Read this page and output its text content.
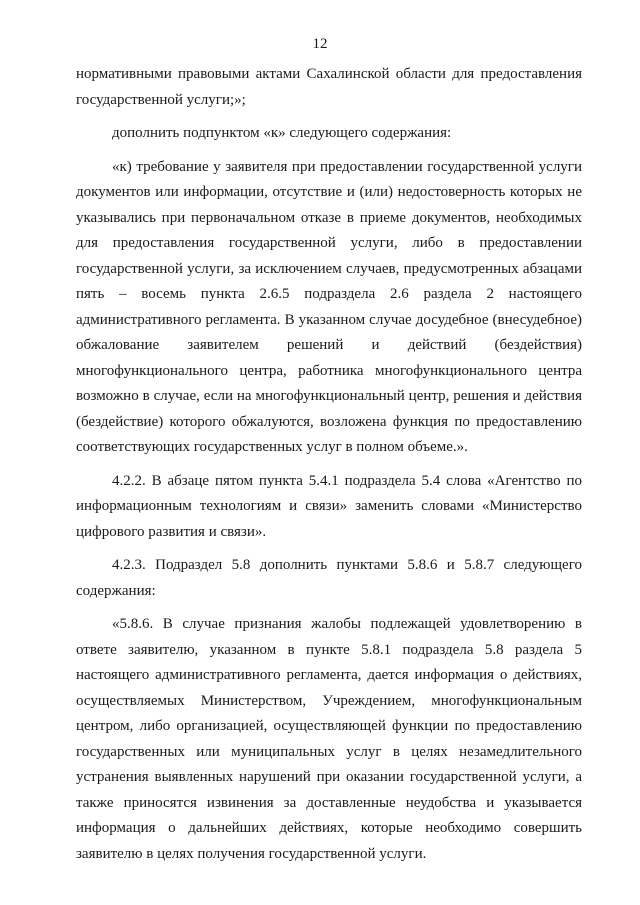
12

нормативными правовыми актами Сахалинской области для предоставления государственной услуги;»;

дополнить подпунктом «к» следующего содержания:

«к) требование у заявителя при предоставлении государственной услуги документов или информации, отсутствие и (или) недостоверность которых не указывались при первоначальном отказе в приеме документов, необходимых для предоставления государственной услуги, либо в предоставлении государственной услуги, за исключением случаев, предусмотренных абзацами пять – восемь пункта 2.6.5 подраздела 2.6 раздела 2 настоящего административного регламента. В указанном случае досудебное (внесудебное) обжалование заявителем решений и действий (бездействия) многофункционального центра, работника многофункционального центра возможно в случае, если на многофункциональный центр, решения и действия (бездействие) которого обжалуются, возложена функция по предоставлению соответствующих государственных услуг в полном объеме.».

4.2.2. В абзаце пятом пункта 5.4.1 подраздела 5.4 слова «Агентство по информационным технологиям и связи» заменить словами «Министерство цифрового развития и связи».

4.2.3. Подраздел 5.8 дополнить пунктами 5.8.6 и 5.8.7 следующего содержания:

«5.8.6. В случае признания жалобы подлежащей удовлетворению в ответе заявителю, указанном в пункте 5.8.1 подраздела 5.8 раздела 5 настоящего административного регламента, дается информация о действиях, осуществляемых Министерством, Учреждением, многофункциональным центром, либо организацией, осуществляющей функции по предоставлению государственных или муниципальных услуг в целях незамедлительного устранения выявленных нарушений при оказании государственной услуги, а также приносятся извинения за доставленные неудобства и указывается информация о дальнейших действиях, которые необходимо совершить заявителю в целях получения государственной услуги.
